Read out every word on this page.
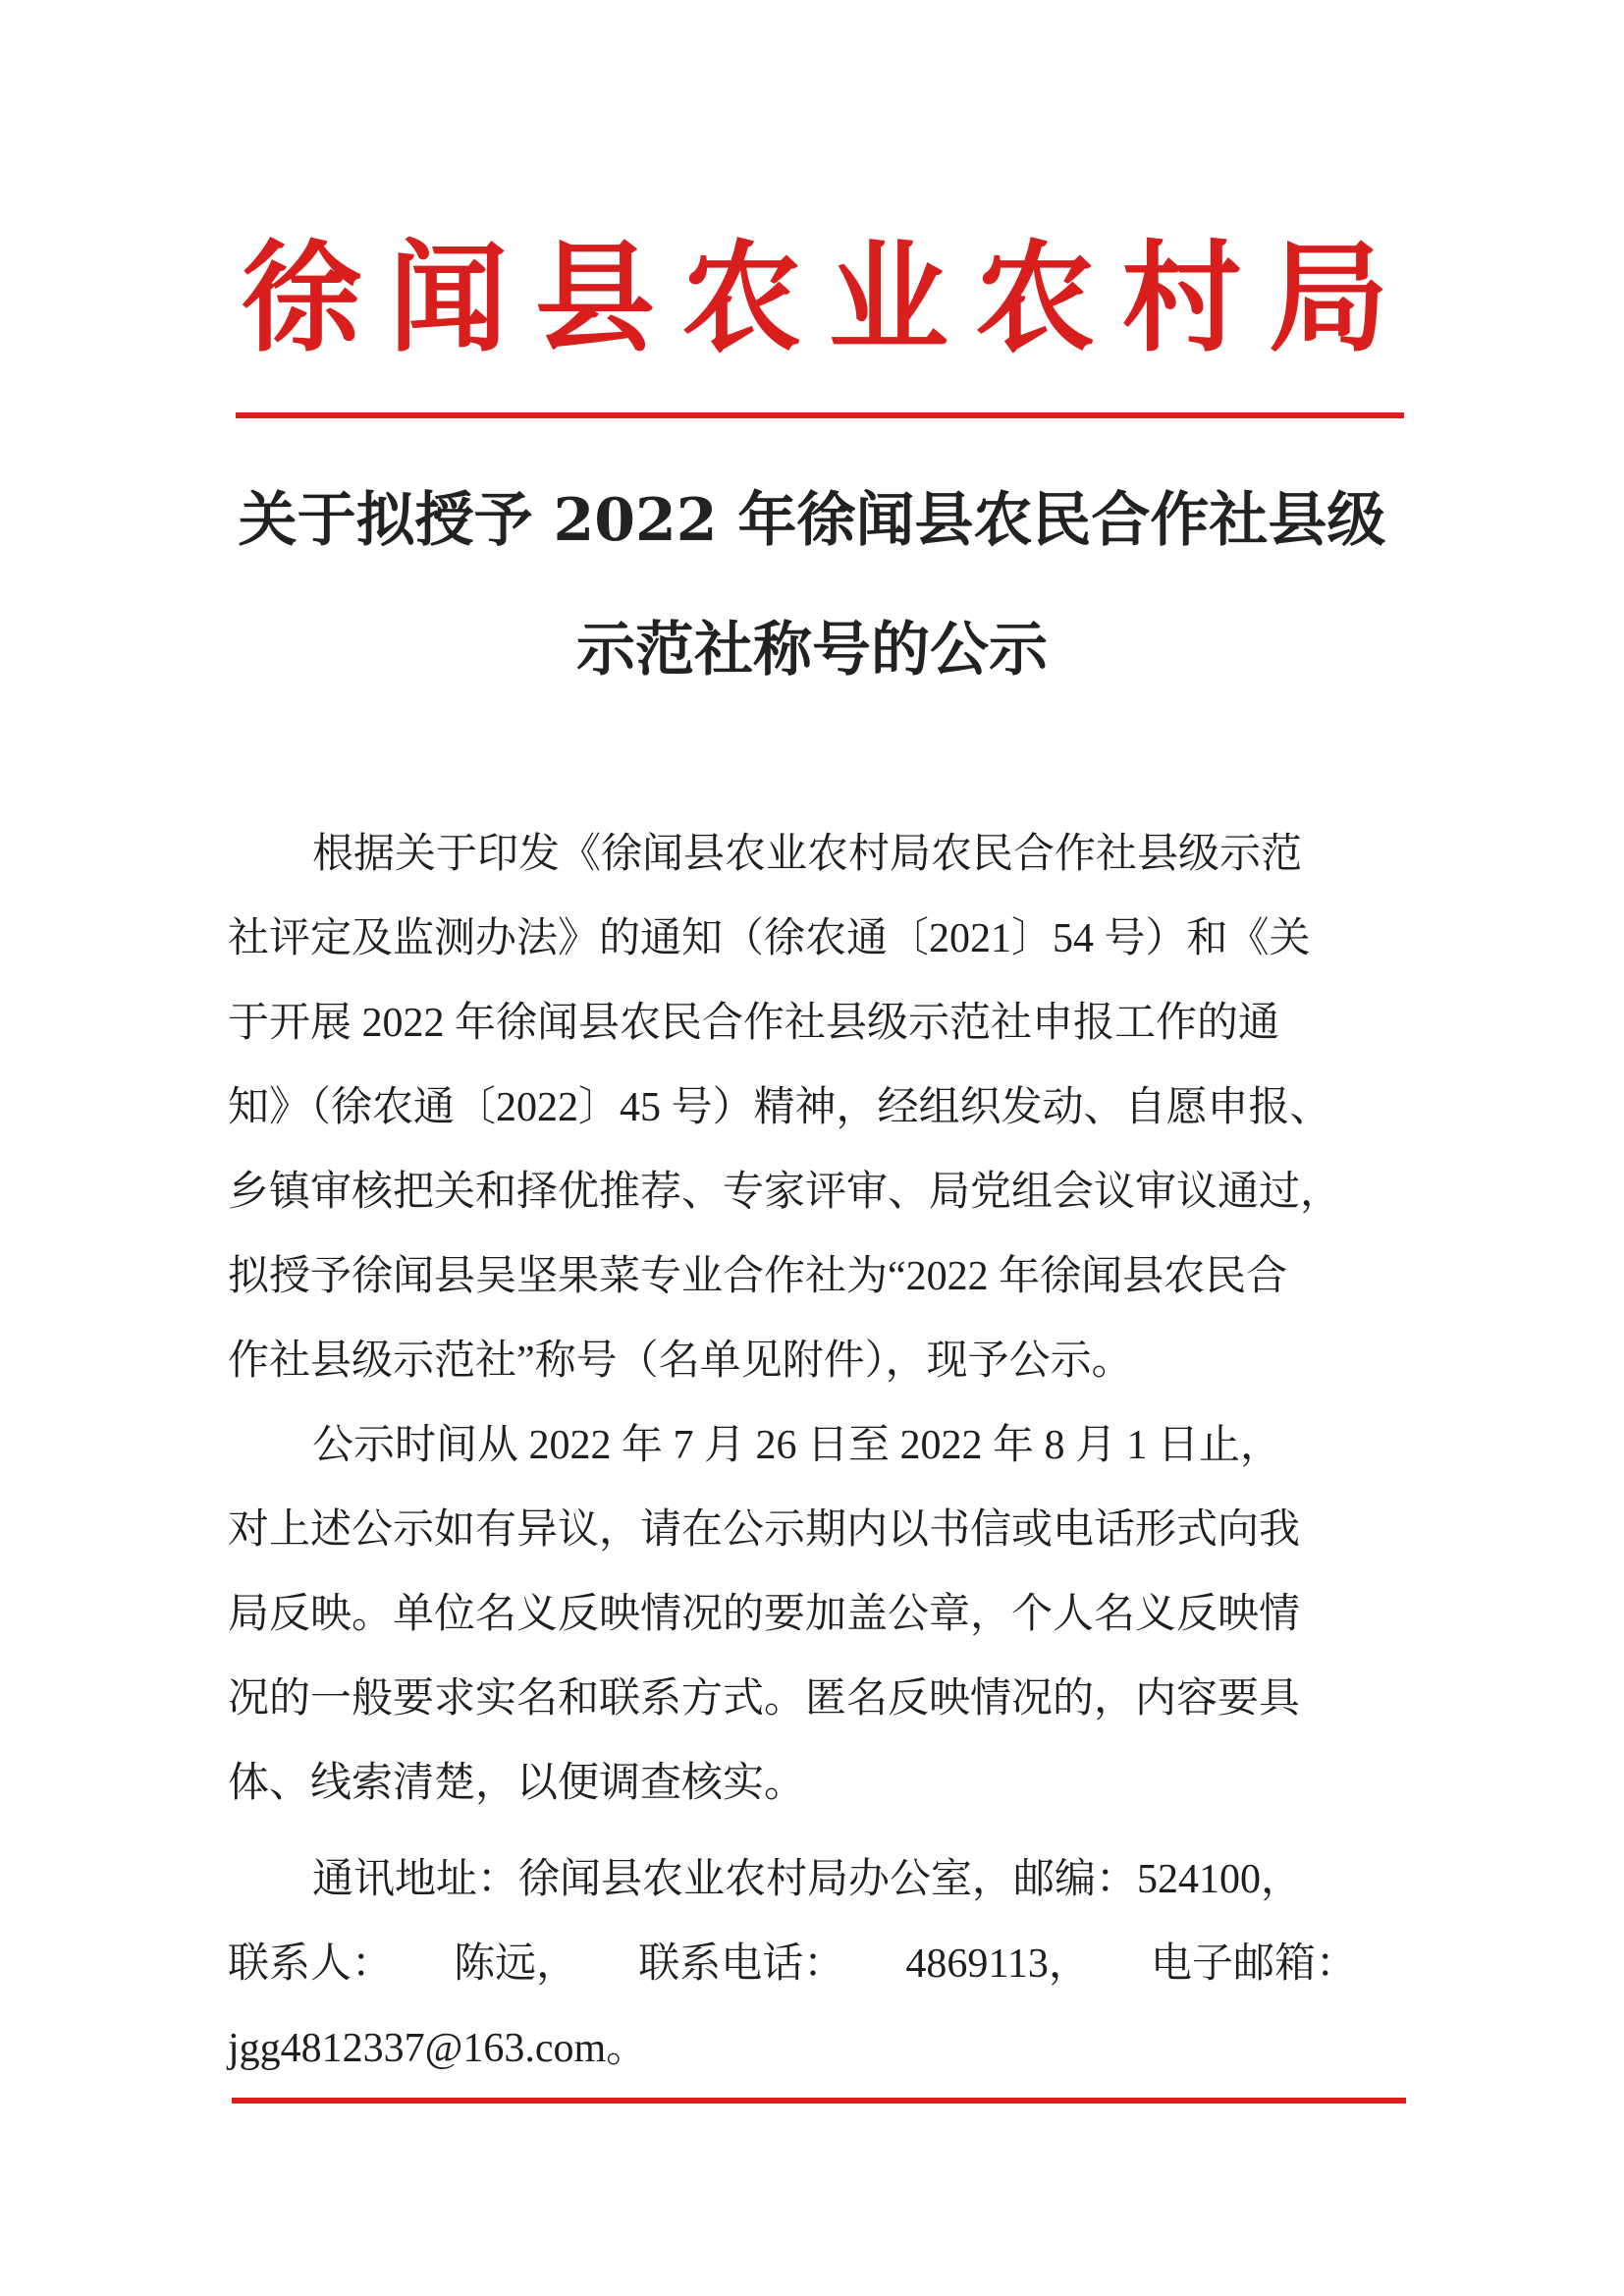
徐 闻 县 农 业 农 村 局
关于拟授予 2022 年徐闻县农民合作社县级
示范社称号的公示
根据关于印发《徐闻县农业农村局农民合作社县级示范
社评定及监测办法》的通知（徐农通〔2021〕54 号）和《关
于开展 2022 年徐闻县农民合作社县级示范社申报工作的通
知》（徐农通〔2022〕45 号）精神，经组织发动、自愿申报、
乡镇审核把关和择优推荐、专家评审、局党组会议审议通过，
拟授予徐闻县吴坚果菜专业合作社为“2022 年徐闻县农民合
作社县级示范社”称号（名单见附件），现予公示。
公示时间从 2022 年 7 月 26 日至 2022 年 8 月 1 日止，
对上述公示如有异议，请在公示期内以书信或电话形式向我
局反映。单位名义反映情况的要加盖公章，个人名义反映情
况的一般要求实名和联系方式。匿名反映情况的，内容要具
体、线索清楚，以便调查核实。
通讯地址：徐闻县农业农村局办公室，邮编：524100，
联系人： 陈远， 联系电话： 4869113， 电子邮箱：
jgg4812337@163.com。
